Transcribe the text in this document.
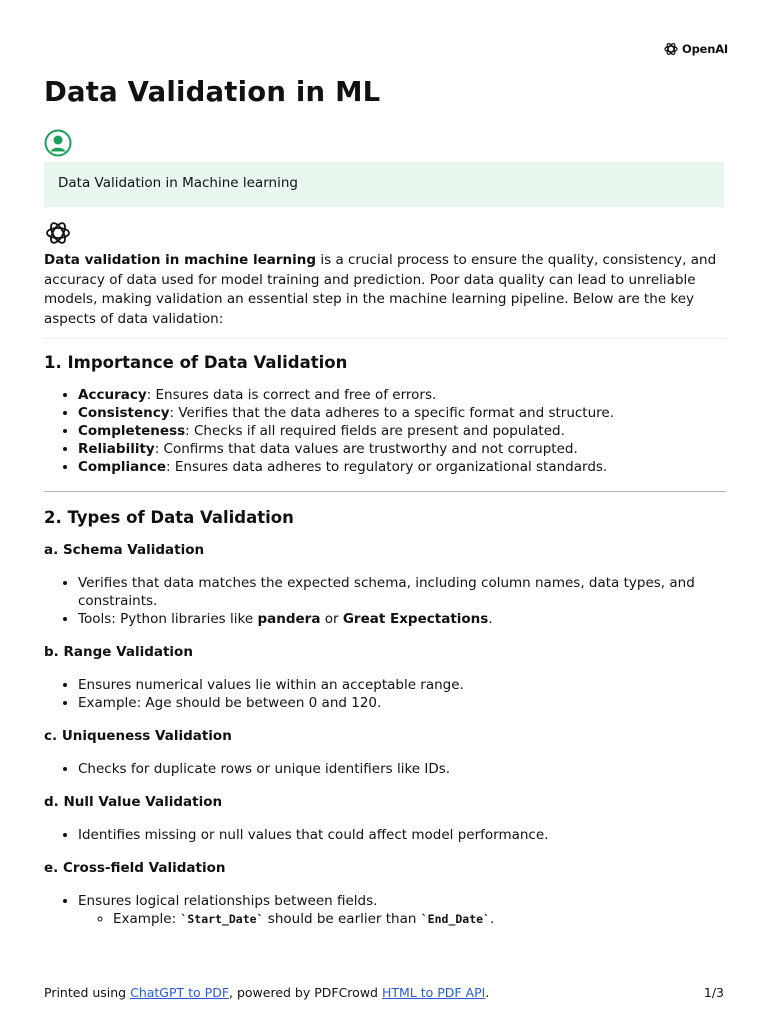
OpenAI
Data Validation in ML
Data Validation in Machine learning

Data validation in machine learning is a crucial process to ensure the quality, consistency, and accuracy of data used for model training and prediction. Poor data quality can lead to unreliable models, making validation an essential step in the machine learning pipeline. Below are the key aspects of data validation:

1. Importance of Data Validation
• Accuracy: Ensures data is correct and free of errors.
• Consistency: Verifies that the data adheres to a specific format and structure.
• Completeness: Checks if all required fields are present and populated.
• Reliability: Confirms that data values are trustworthy and not corrupted.
• Compliance: Ensures data adheres to regulatory or organizational standards.
2. Types of Data Validation
a. Schema Validation
• Verifies that data matches the expected schema, including column names, data types, and constraints.
• Tools: Python libraries like pandera or Great Expectations.
b. Range Validation
• Ensures numerical values lie within an acceptable range.
• Example: Age should be between 0 and 120.
c. Uniqueness Validation
• Checks for duplicate rows or unique identifiers like IDs.
d. Null Value Validation
• Identifies missing or null values that could affect model performance.
e. Cross-field Validation
• Ensures logical relationships between fields.
◦ Example: `Start_Date` should be earlier than `End_Date`.
Printed using ChatGPT to PDF, powered by PDFCrowd HTML to PDF API.	1/3
